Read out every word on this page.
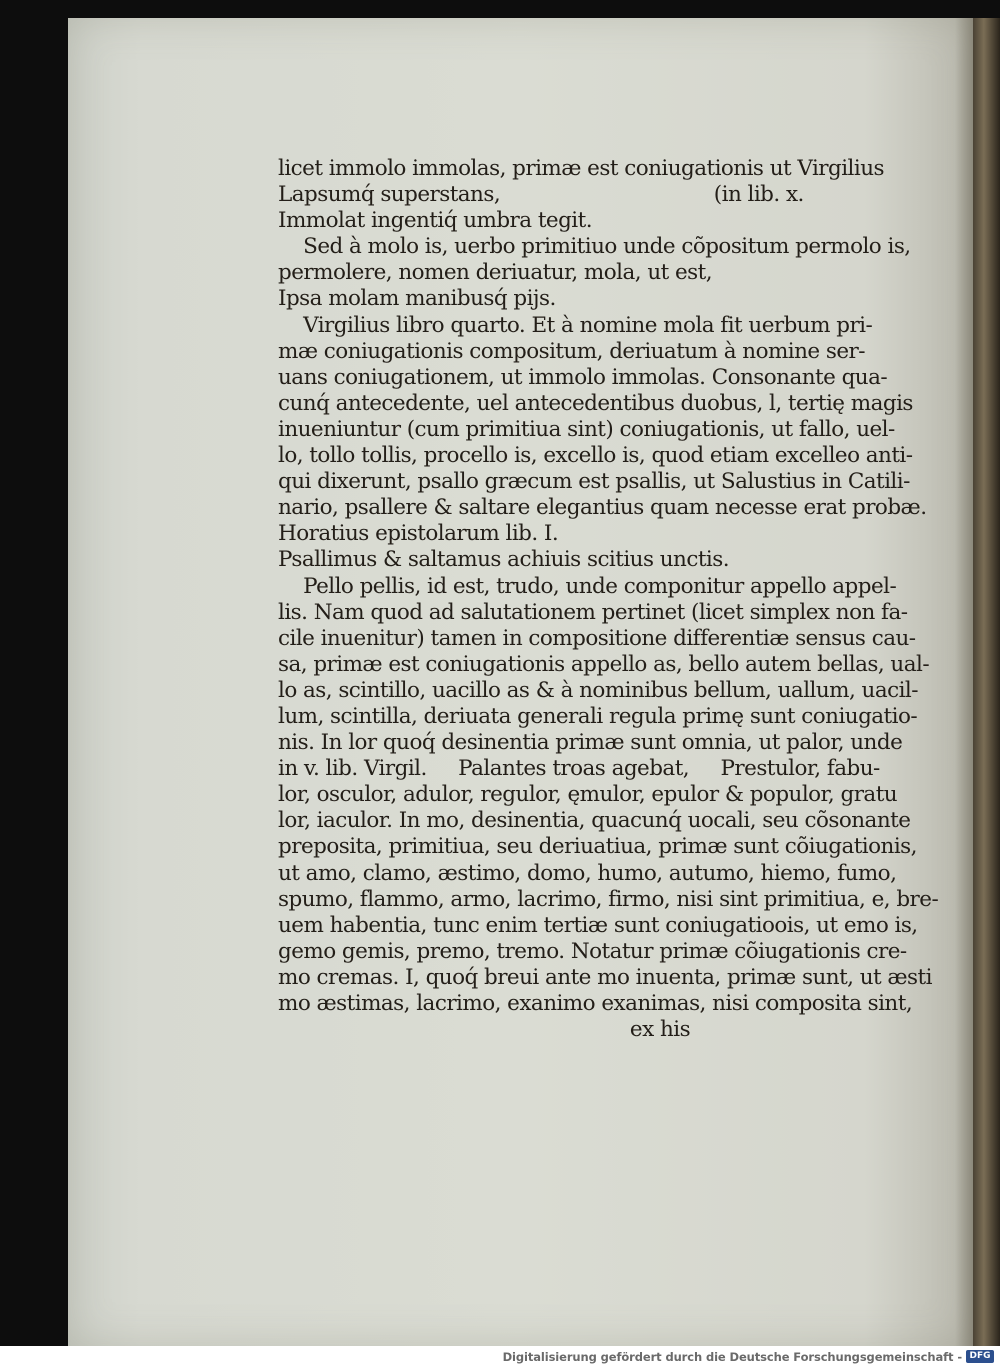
licet immolo immolas, primæ est coniugationis ut Virgilius
Lapsumq́ superstans,                                  (in lib. x.
Immolat ingentiq́ umbra tegit.
Sed à molo is, uerbo primitiuo unde cõpositum permolo is,
permolere, nomen deriuatur, mola, ut est,
Ipsa molam manibusq́ pijs.
Virgilius libro quarto. Et à nomine mola fit uerbum pri-
mæ coniugationis compositum, deriuatum à nomine ser-
uans coniugationem, ut immolo immolas. Consonante qua-
cunq́ antecedente, uel antecedentibus duobus, l, tertię magis
inueniuntur (cum primitiua sint) coniugationis, ut fallo, uel-
lo, tollo tollis, procello is, excello is, quod etiam excelleo anti-
qui dixerunt, psallo græcum est psallis, ut Salustius in Catili-
nario, psallere & saltare elegantius quam necesse erat probæ.
Horatius epistolarum lib. I.
Psallimus & saltamus achiuis scitius unctis.
Pello pellis, id est, trudo, unde componitur appello appel-
lis. Nam quod ad salutationem pertinet (licet simplex non fa-
cile inuenitur) tamen in compositione differentiæ sensus cau-
sa, primæ est coniugationis appello as, bello autem bellas, ual-
lo as, scintillo, uacillo as & à nominibus bellum, uallum, uacil-
lum, scintilla, deriuata generali regula primę sunt coniugatio-
nis. In lor quoq́ desinentia primæ sunt omnia, ut palor, unde
in v. lib. Virgil.     Palantes troas agebat,     Prestulor, fabu-
lor, osculor, adulor, regulor, ęmulor, epulor & populor, gratu
lor, iaculor. In mo, desinentia, quacunq́ uocali, seu cõsonante
preposita, primitiua, seu deriuatiua, primæ sunt cõiugationis,
ut amo, clamo, æstimo, domo, humo, autumo, hiemo, fumo,
spumo, flammo, armo, lacrimo, firmo, nisi sint primitiua, e, bre-
uem habentia, tunc enim tertiæ sunt coniugatioois, ut emo is,
gemo gemis, premo, tremo. Notatur primæ cõiugationis cre-
mo cremas. I, quoq́ breui ante mo inuenta, primæ sunt, ut æsti
mo æstimas, lacrimo, exanimo exanimas, nisi composita sint,
ex his
Digitalisierung gefördert durch die Deutsche Forschungsgemeinschaft - DFG
